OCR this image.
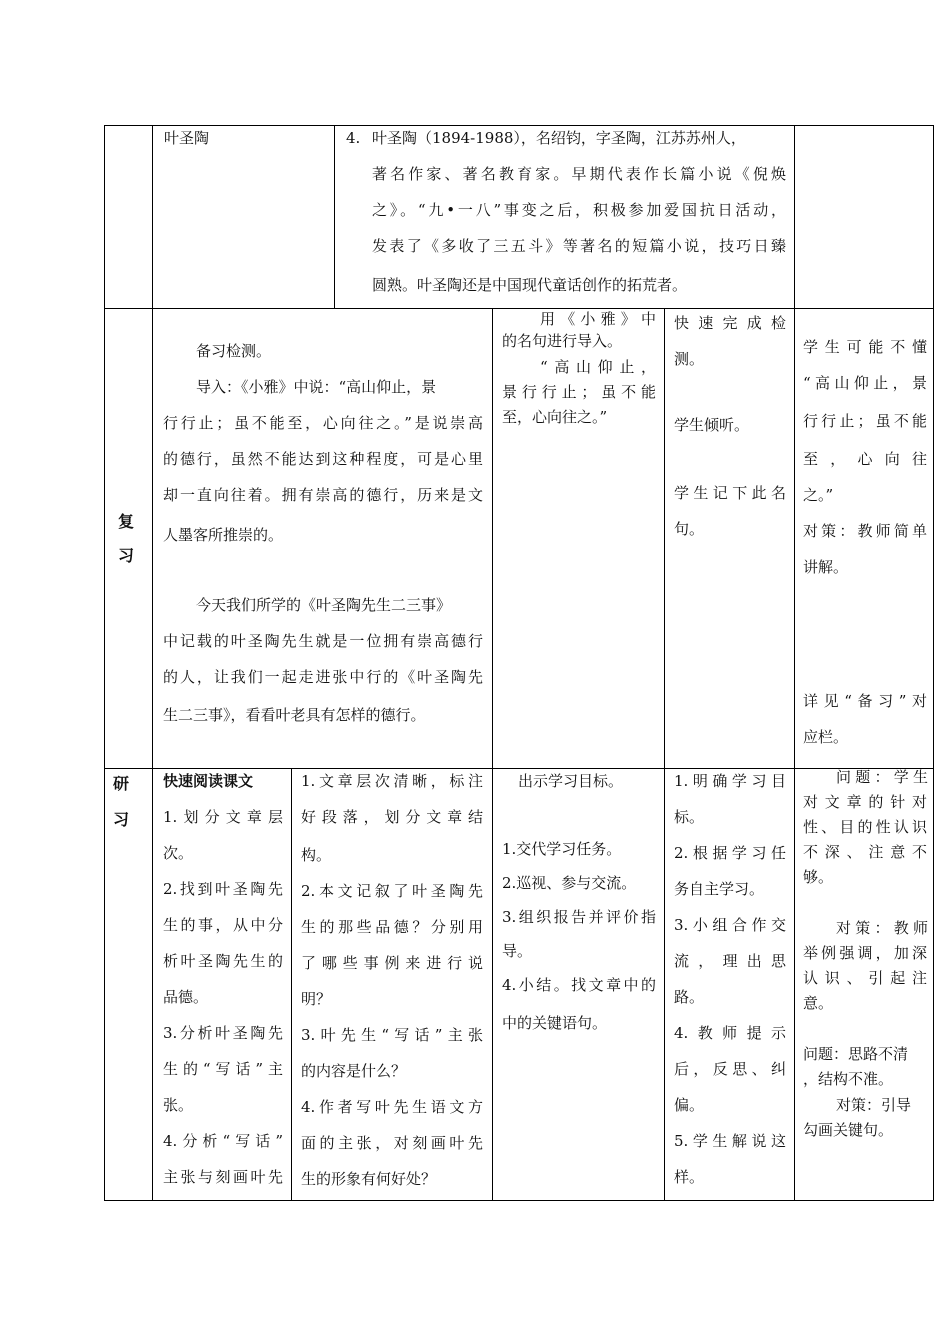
叶圣陶	4. 叶圣陶（1894-1988），名绍钧，字圣陶，江苏苏州人，
著名作家、著名教育家。早期代表作长篇小说《倪焕
之》。“九•一八”事变之后，积极参加爱国抗日活动，
发表了《多收了三五斗》等著名的短篇小说，技巧日臻
圆熟。叶圣陶还是中国现代童话创作的拓荒者。
复习
备习检测。
导入：《小雅》中说：“高山仰止，景
行行止；虽不能至，心向往之。”是说崇高
的德行，虽然不能达到这种程度，可是心里
却一直向往着。拥有崇高的德行，历来是文
人墨客所推崇的。
今天我们所学的《叶圣陶先生二三事》
中记载的叶圣陶先生就是一位拥有崇高德行
的人，让我们一起走进张中行的《叶圣陶先
生二三事》，看看叶老具有怎样的德行。
用《小雅》中
的名句进行导入。
“高山仰止，
景行行止；虽不能
至，心向往之。”
快速完成检
测。
学生倾听。
学生记下此名
句。
学生可能不懂
“高山仰止，景
行行止；虽不能
至，心向往
之。”
对策：教师简单
讲解。
详见“备习”对
应栏。
研习
快速阅读课文
1.划分文章层
次。
2.找到叶圣陶先
生的事，从中分
析叶圣陶先生的
品德。
3.分析叶圣陶先
生的“写话”主
张。
4.分析“写话”
主张与刻画叶先
1.文章层次清晰，标注
好段落，划分文章结
构。
2.本文记叙了叶圣陶先
生的那些品德？分别用
了哪些事例来进行说
明？
3.叶先生“写话”主张
的内容是什么？
4.作者写叶先生语文方
面的主张，对刻画叶先
生的形象有何好处？
出示学习目标。
1.交代学习任务。
2.巡视、参与交流。
3.组织报告并评价指
导。
4.小结。找文章中的
中的关键语句。
1.明确学习目
标。
2.根据学习任
务自主学习。
3.小组合作交
流，理出思
路。
4.教师提示
后，反思、纠
偏。
5.学生解说这
样。
问题：学生
对文章的针对
性、目的性认识
不深、注意不
够。
对策：教师
举例强调，加深
认识、引起注
意。
问题：思路不清
，结构不准。
对策：引导
勾画关键句。
